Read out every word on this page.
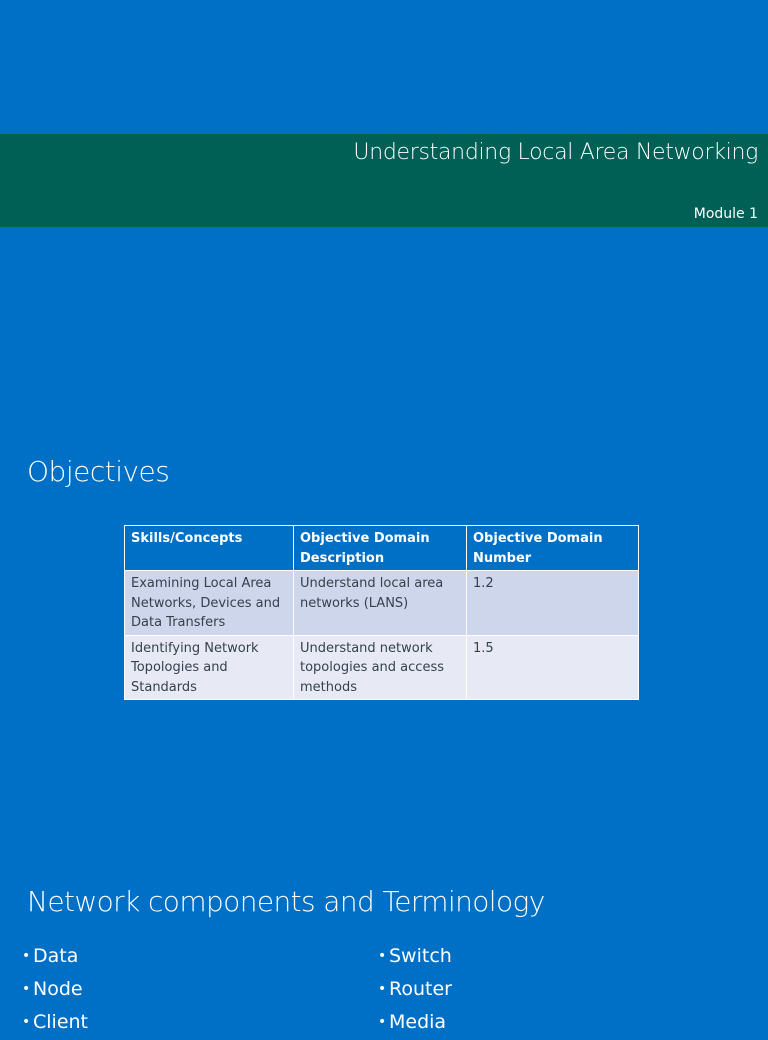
Understanding Local Area Networking
Module 1
Objectives
Skills/Concepts	Objective Domain Description	Objective Domain Number
Examining Local Area Networks, Devices and Data Transfers	Understand local area networks (LANS)	1.2
Identifying Network Topologies and Standards	Understand network topologies and access methods	1.5
Network components and Terminology
• Data
• Node
• Client
• Switch
• Router
• Media
